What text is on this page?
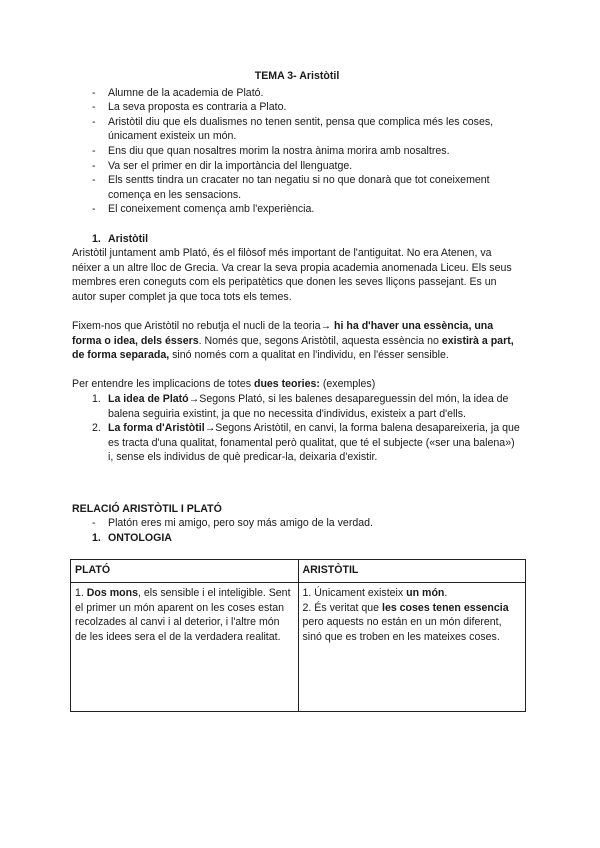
TEMA 3- Aristòtil

- Alumne de la academia de Plató.
- La seva proposta es contraria a Plato.
- Aristòtil diu que els dualismes no tenen sentit, pensa que complica més les coses, únicament existeix un món.
- Ens diu que quan nosaltres morim la nostra ànima morira amb nosaltres.
- Va ser el primer en dir la importància del llenguatge.
- Els sentts tindra un cracater no tan negatiu si no que donarà que tot coneixement comença en les sensacions.
- El coneixement comença amb l'experiència.

1. Aristòtil

Aristòtil juntament amb Plató, és el filòsof més important de l'antiguitat. No era Atenen, va néixer a un altre lloc de Grecia. Va crear la seva propia academia anomenada Liceu. Els seus membres eren coneguts com els peripatètics que donen les seves lliçons passejant. Es un autor super complet ja que toca tots els temes.

Fixem-nos que Aristòtil no rebutja el nucli de la teoria→ hi ha d'haver una essència, una forma o idea, dels éssers. Només que, segons Aristòtil, aquesta essència no existirà a part, de forma separada, sinó només com a qualitat en l'individu, en l'ésser sensible.

Per entendre les implicacions de totes dues teories: (exemples)

1. La idea de Plató→Segons Plató, si les balenes desapareguessin del món, la idea de balena seguiria existint, ja que no necessita d'individus, existeix a part d'ells.
2. La forma d'Aristòtil→Segons Aristòtil, en canvi, la forma balena desapareixeria, ja que es tracta d'una qualitat, fonamental però qualitat, que té el subjecte («ser una balena») i, sense els individus de què predicar-la, deixaria d'existir.

RELACIÓ ARISTÒTIL I PLATÓ

- Platón eres mi amigo, pero soy más amigo de la verdad.

1. ONTOLOGIA

PLATÓ	ARISTÒTIL
1. Dos mons, els sensible i el inteligible. Sent el primer un món aparent on les coses estan recolzades al canvi i al deterior, i l'altre món de les idees sera el de la verdadera realitat.	1. Únicament existeix un món.
2. És veritat que les coses tenen essencia pero aquests no están en un món diferent, sinó que es troben en les mateixes coses.
